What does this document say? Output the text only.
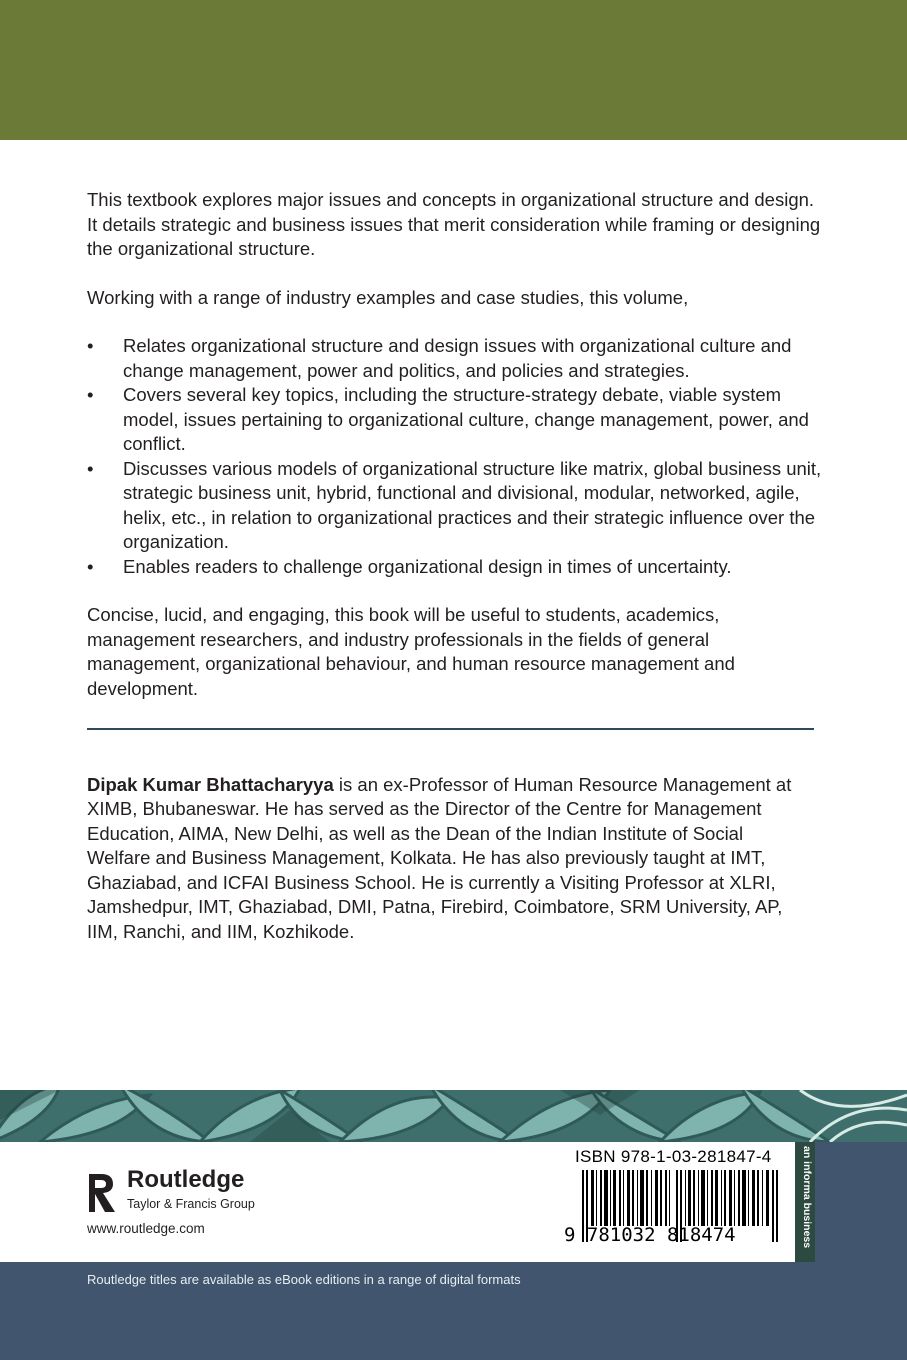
This textbook explores major issues and concepts in organizational structure and design. It details strategic and business issues that merit consideration while framing or designing the organizational structure.

Working with a range of industry examples and case studies, this volume,

• Relates organizational structure and design issues with organizational culture and change management, power and politics, and policies and strategies.
• Covers several key topics, including the structure-strategy debate, viable system model, issues pertaining to organizational culture, change management, power, and conflict.
• Discusses various models of organizational structure like matrix, global business unit, strategic business unit, hybrid, functional and divisional, modular, networked, agile, helix, etc., in relation to organizational practices and their strategic influence over the organization.
• Enables readers to challenge organizational design in times of uncertainty.

Concise, lucid, and engaging, this book will be useful to students, academics, management researchers, and industry professionals in the fields of general management, organizational behaviour, and human resource management and development.

Dipak Kumar Bhattacharyya is an ex-Professor of Human Resource Management at XIMB, Bhubaneswar. He has served as the Director of the Centre for Management Education, AIMA, New Delhi, as well as the Dean of the Indian Institute of Social Welfare and Business Management, Kolkata. He has also previously taught at IMT, Ghaziabad, and ICFAI Business School. He is currently a Visiting Professor at XLRI, Jamshedpur, IMT, Ghaziabad, DMI, Patna, Firebird, Coimbatore, SRM University, AP, IIM, Ranchi, and IIM, Kozhikode.

Routledge
Taylor & Francis Group
www.routledge.com
ISBN 978-1-03-281847-4
9 781032 818474	an informa business
Routledge titles are available as eBook editions in a range of digital formats
